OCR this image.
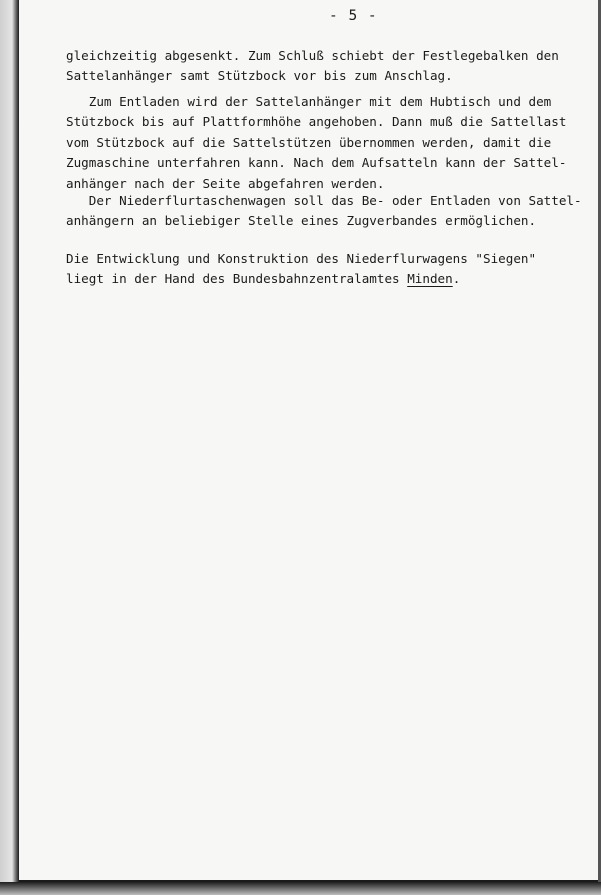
- 5 -

gleichzeitig abgesenkt. Zum Schluß schiebt der Festlegebalken den
Sattelanhänger samt Stützbock vor bis zum Anschlag.

Zum Entladen wird der Sattelanhänger mit dem Hubtisch und dem
Stützbock bis auf Plattformhöhe angehoben. Dann muß die Sattellast
vom Stützbock auf die Sattelstützen übernommen werden, damit die
Zugmaschine unterfahren kann. Nach dem Aufsatteln kann der Sattel-
anhänger nach der Seite abgefahren werden.

Der Niederflurtaschenwagen soll das Be- oder Entladen von Sattel-
anhängern an beliebiger Stelle eines Zugverbandes ermöglichen.

Die Entwicklung und Konstruktion des Niederflurwagens "Siegen"
liegt in der Hand des Bundesbahnzentralamtes Minden.
